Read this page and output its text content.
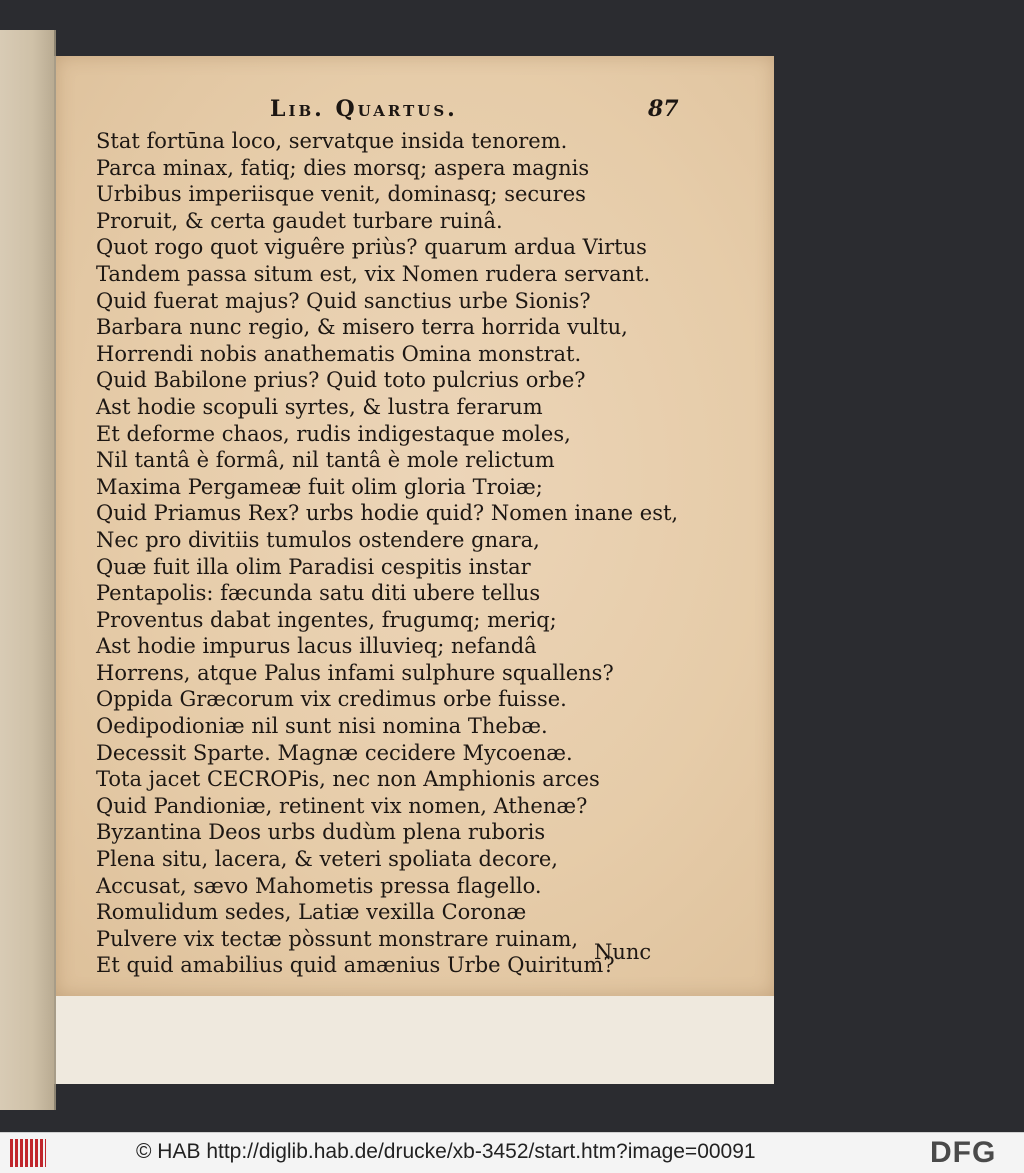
Lib. Quartus.	87
Stat fortūna loco, servatque insida tenorem.
Parca minax, fatiq; dies morsq; aspera magnis
Urbibus imperiisque venit, dominasq; secures
Proruit, & certa gaudet turbare ruinâ.
Quot rogo quot viguêre priùs? quarum ardua Virtus
Tandem passa situm est, vix Nomen rudera servant.
Quid fuerat majus? Quid sanctius urbe Sionis?
Barbara nunc regio, & misero terra horrida vultu,
Horrendi nobis anathematis Omina monstrat.
Quid Babilone prius? Quid toto pulcrius orbe?
Ast hodie scopuli syrtes, & lustra ferarum
Et deforme chaos, rudis indigestaque moles,
Nil tantâ è formâ, nil tantâ è mole relictum
Maxima Pergameæ fuit olim gloria Troiæ;
Quid Priamus Rex? urbs hodie quid? Nomen inane est,
Nec pro divitiis tumulos ostendere gnara,
Quæ fuit illa olim Paradisi cespitis instar
Pentapolis: fæcunda satu diti ubere tellus
Proventus dabat ingentes, frugumq; meriq;
Ast hodie impurus lacus illuvieq; nefandâ
Horrens, atque Palus infami sulphure squallens?
Oppida Græcorum vix credimus orbe fuisse.
Oedipodioniæ nil sunt nisi nomina Thebæ.
Decessit Sparte. Magnæ cecidere Mycoenæ.
Tota jacet CECROPis, nec non Amphionis arces
Quid Pandioniæ, retinent vix nomen, Athenæ?
Byzantina Deos urbs dudùm plena ruboris
Plena situ, lacera, & veteri spoliata decore,
Accusat, sævo Mahometis pressa flagello.
Romulidum sedes, Latiæ vexilla Coronæ
Pulvere vix tectæ pòssunt monstrare ruinam,
Et quid amabilius quid amænius Urbe Quiritum?
Nunc
© HAB http://diglib.hab.de/drucke/xb-3452/start.htm?image=00091	DFG
